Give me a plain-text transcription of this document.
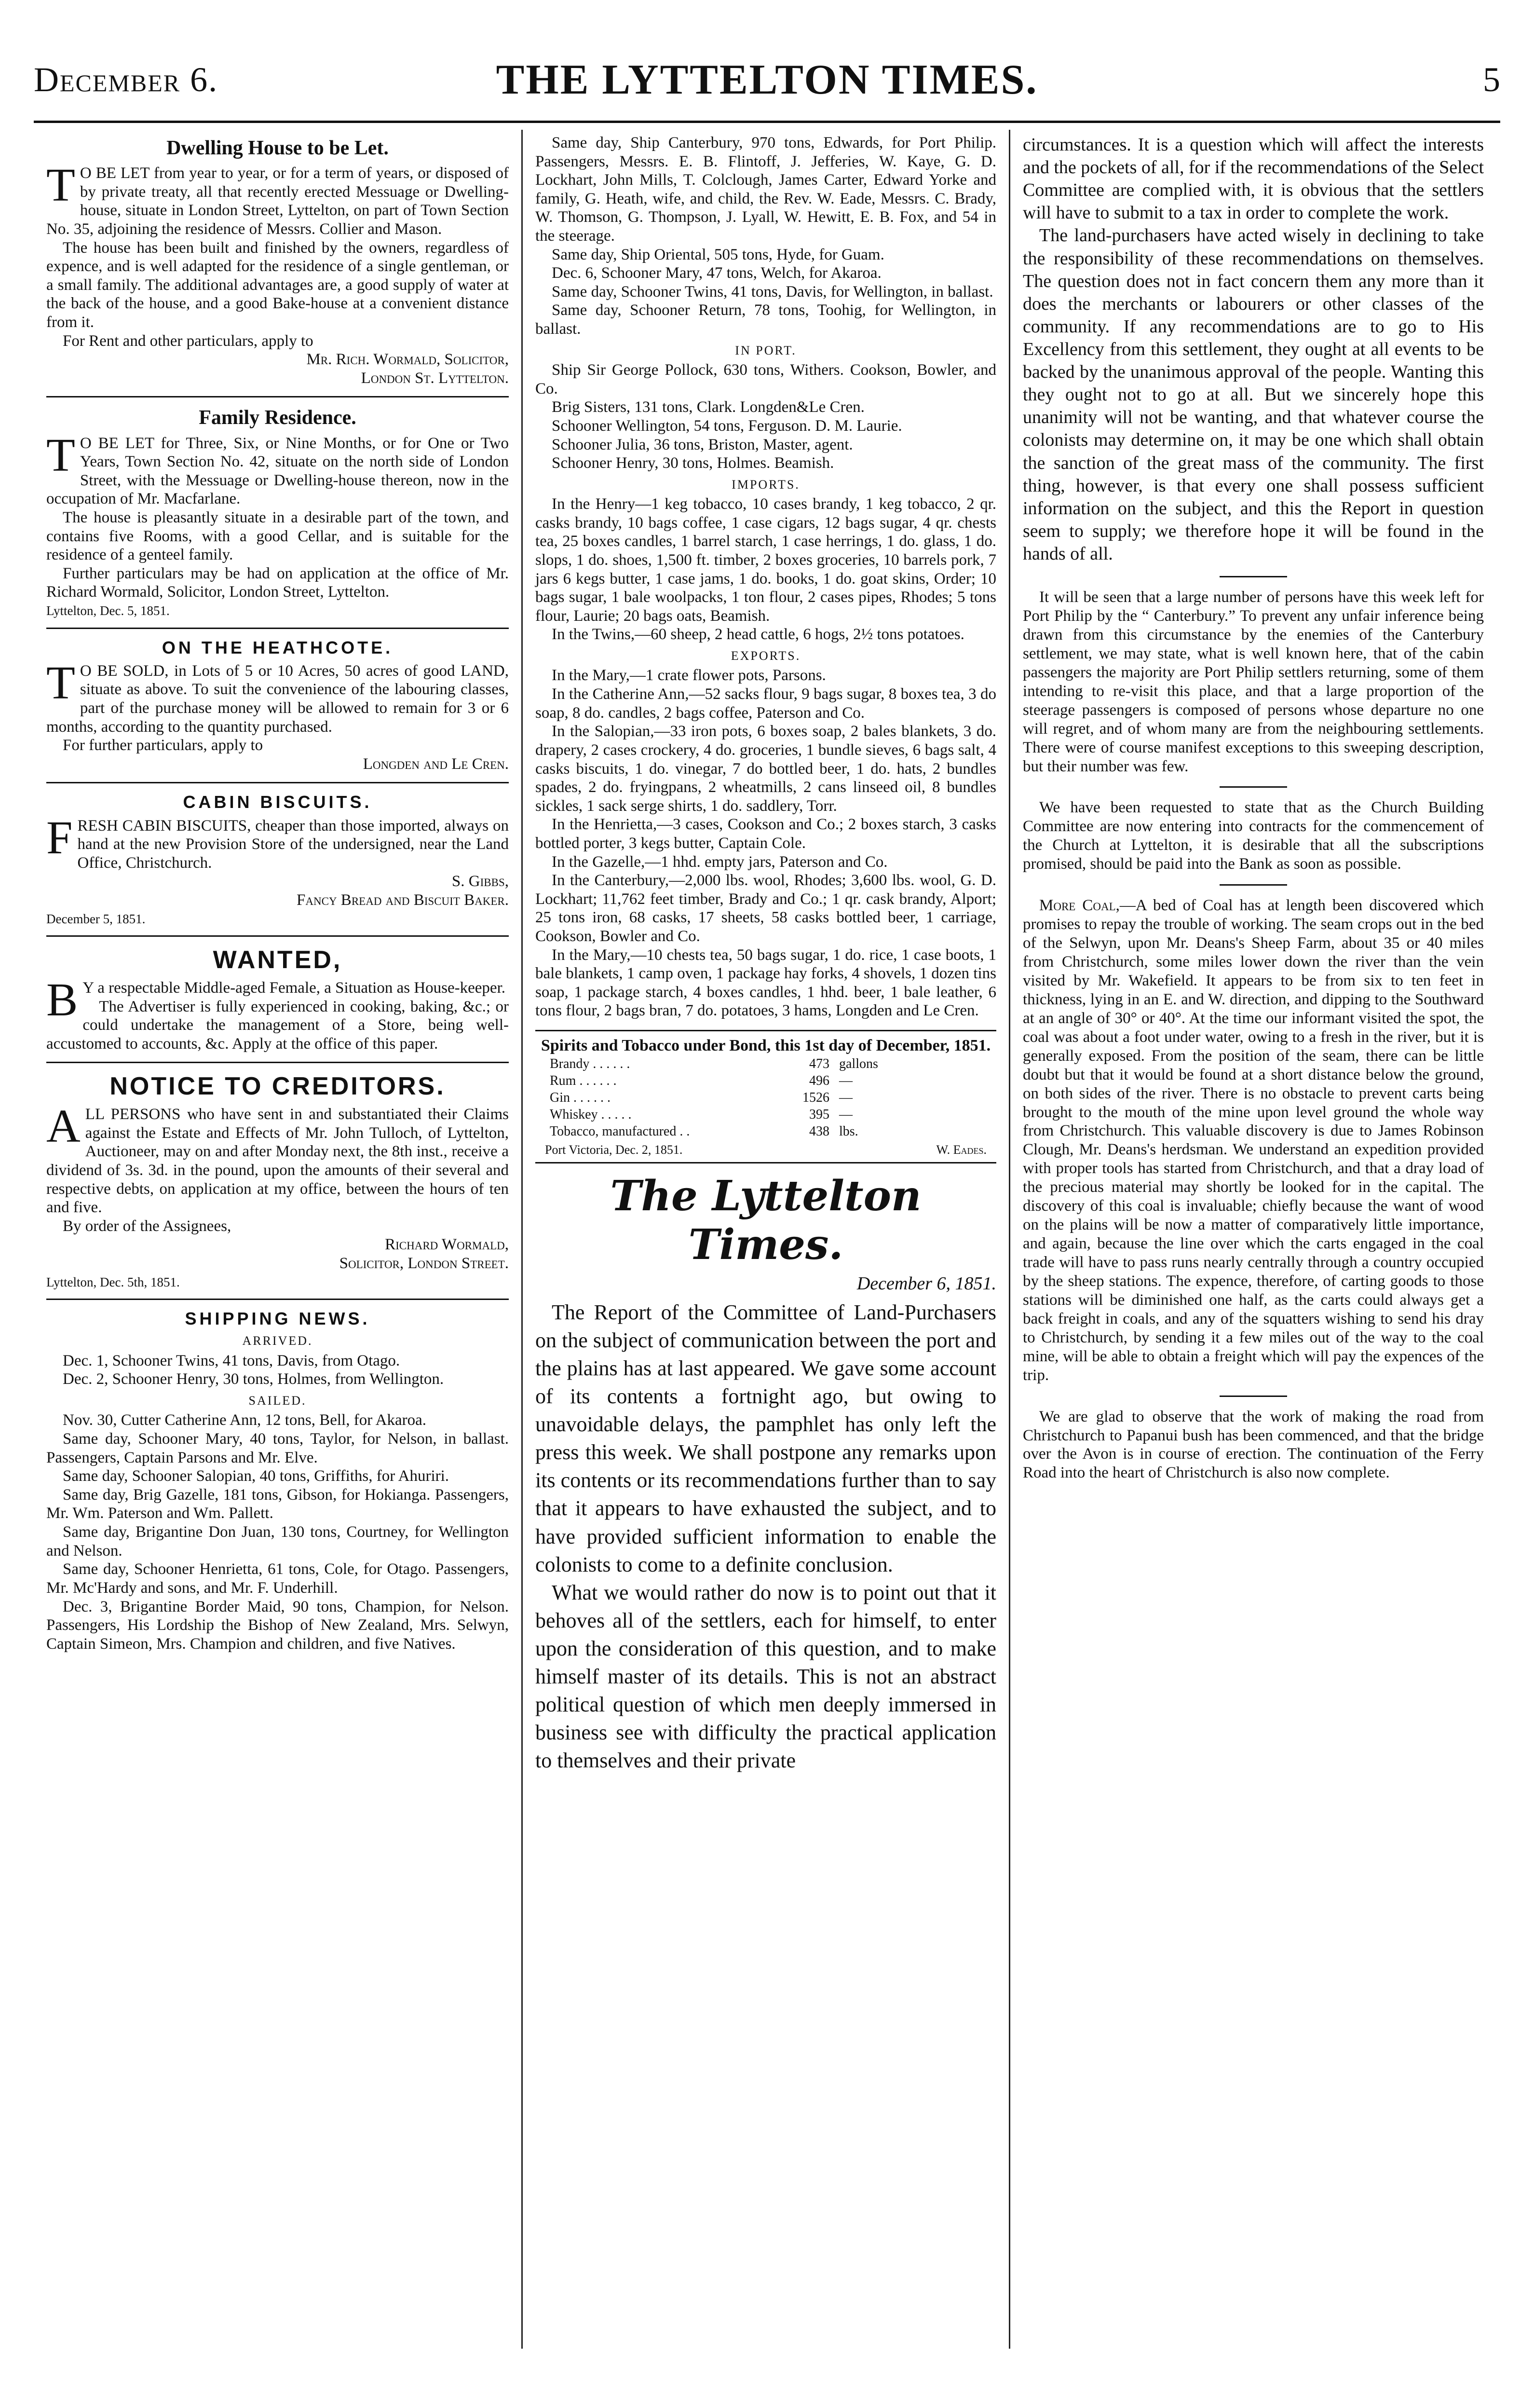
December 6.	THE LYTTELTON TIMES.	5
Dwelling House to be Let.

T O BE LET from year to year, or for a term of years, or disposed of by private treaty, all that recently erected Messuage or Dwelling-house, situate in London Street, Lyttelton, on part of Town Section No. 35, adjoining the residence of Messrs. Collier and Mason.

The house has been built and finished by the owners, regardless of expence, and is well adapted for the residence of a single gentleman, or a small family. The additional advantages are, a good supply of water at the back of the house, and a good Bake-house at a convenient distance from it.

For Rent and other particulars, apply to

Mr. Rich. Wormald, Solicitor,

London St. Lyttelton.

Family Residence.

T O BE LET for Three, Six, or Nine Months, or for One or Two Years, Town Section No. 42, situate on the north side of London Street, with the Messuage or Dwelling-house thereon, now in the occupation of Mr. Macfarlane.

The house is pleasantly situate in a desirable part of the town, and contains five Rooms, with a good Cellar, and is suitable for the residence of a genteel family.

Further particulars may be had on application at the office of Mr. Richard Wormald, Solicitor, London Street, Lyttelton.

Lyttelton, Dec. 5, 1851.

ON THE HEATHCOTE.

T O BE SOLD, in Lots of 5 or 10 Acres, 50 acres of good LAND, situate as above. To suit the convenience of the labouring classes, part of the purchase money will be allowed to remain for 3 or 6 months, according to the quantity purchased.

For further particulars, apply to

Longden and Le Cren.

CABIN BISCUITS.

FRESH CABIN BISCUITS, cheaper than those imported, always on hand at the new Provision Store of the undersigned, near the Land Office, Christchurch.

S. Gibbs,

Fancy Bread and Biscuit Baker.

December 5, 1851.

WANTED,

B Y a respectable Middle-aged Female, a Situation as House-keeper.

The Advertiser is fully experienced in cooking, baking, &c.; or could undertake the management of a Store, being well-accustomed to accounts, &c. Apply at the office of this paper.

NOTICE TO CREDITORS.

ALL PERSONS who have sent in and substantiated their Claims against the Estate and Effects of Mr. John Tulloch, of Lyttelton, Auctioneer, may on and after Monday next, the 8th inst., receive a dividend of 3s. 3d. in the pound, upon the amounts of their several and respective debts, on application at my office, between the hours of ten and five.

By order of the Assignees,

Richard Wormald,

Solicitor, London Street.

Lyttelton, Dec. 5th, 1851.

SHIPPING NEWS.
ARRIVED.

Dec. 1, Schooner Twins, 41 tons, Davis, from Otago.

Dec. 2, Schooner Henry, 30 tons, Holmes, from Wellington.

SAILED.

Nov. 30, Cutter Catherine Ann, 12 tons, Bell, for Akaroa.

Same day, Schooner Mary, 40 tons, Taylor, for Nelson, in ballast. Passengers, Captain Parsons and Mr. Elve.

Same day, Schooner Salopian, 40 tons, Griffiths, for Ahuriri.

Same day, Brig Gazelle, 181 tons, Gibson, for Hokianga. Passengers, Mr. Wm. Paterson and Wm. Pallett.

Same day, Brigantine Don Juan, 130 tons, Courtney, for Wellington and Nelson.

Same day, Schooner Henrietta, 61 tons, Cole, for Otago. Passengers, Mr. Mc'Hardy and sons, and Mr. F. Underhill.

Dec. 3, Brigantine Border Maid, 90 tons, Champion, for Nelson. Passengers, His Lordship the Bishop of New Zealand, Mrs. Selwyn, Captain Simeon, Mrs. Champion and children, and five Natives.

Same day, Ship Canterbury, 970 tons, Edwards, for Port Philip. Passengers, Messrs. E. B. Flintoff, J. Jefferies, W. Kaye, G. D. Lockhart, John Mills, T. Colclough, James Carter, Edward Yorke and family, G. Heath, wife, and child, the Rev. W. Eade, Messrs. C. Brady, W. Thomson, G. Thompson, J. Lyall, W. Hewitt, E. B. Fox, and 54 in the steerage.

Same day, Ship Oriental, 505 tons, Hyde, for Guam.

Dec. 6, Schooner Mary, 47 tons, Welch, for Akaroa.

Same day, Schooner Twins, 41 tons, Davis, for Wellington, in ballast.

Same day, Schooner Return, 78 tons, Toohig, for Wellington, in ballast.

IN PORT.

Ship Sir George Pollock, 630 tons, Withers. Cookson, Bowler, and Co.

Brig Sisters, 131 tons, Clark. Longden&Le Cren.

Schooner Wellington, 54 tons, Ferguson. D. M. Laurie.

Schooner Julia, 36 tons, Briston, Master, agent.

Schooner Henry, 30 tons, Holmes. Beamish.

IMPORTS.

In the Henry—1 keg tobacco, 10 cases brandy, 1 keg tobacco, 2 qr. casks brandy, 10 bags coffee, 1 case cigars, 12 bags sugar, 4 qr. chests tea, 25 boxes candles, 1 barrel starch, 1 case herrings, 1 do. glass, 1 do. slops, 1 do. shoes, 1,500 ft. timber, 2 boxes groceries, 10 barrels pork, 7 jars 6 kegs butter, 1 case jams, 1 do. books, 1 do. goat skins, Order; 10 bags sugar, 1 bale woolpacks, 1 ton flour, 2 cases pipes, Rhodes; 5 tons flour, Laurie; 20 bags oats, Beamish.

In the Twins,—60 sheep, 2 head cattle, 6 hogs, 2½ tons potatoes.

EXPORTS.

In the Mary,—1 crate flower pots, Parsons.

In the Catherine Ann,—52 sacks flour, 9 bags sugar, 8 boxes tea, 3 do soap, 8 do. candles, 2 bags coffee, Paterson and Co.

In the Salopian,—33 iron pots, 6 boxes soap, 2 bales blankets, 3 do. drapery, 2 cases crockery, 4 do. groceries, 1 bundle sieves, 6 bags salt, 4 casks biscuits, 1 do. vinegar, 7 do bottled beer, 1 do. hats, 2 bundles spades, 2 do. fryingpans, 2 wheatmills, 2 cans linseed oil, 8 bundles sickles, 1 sack serge shirts, 1 do. saddlery, Torr.

In the Henrietta,—3 cases, Cookson and Co.; 2 boxes starch, 3 casks bottled porter, 3 kegs butter, Captain Cole.

In the Gazelle,—1 hhd. empty jars, Paterson and Co.

In the Canterbury,—2,000 lbs. wool, Rhodes; 3,600 lbs. wool, G. D. Lockhart; 11,762 feet timber, Brady and Co.; 1 qr. cask brandy, Alport; 25 tons iron, 68 casks, 17 sheets, 58 casks bottled beer, 1 carriage, Cookson, Bowler and Co.

In the Mary,—10 chests tea, 50 bags sugar, 1 do. rice, 1 case boots, 1 bale blankets, 1 camp oven, 1 package hay forks, 4 shovels, 1 dozen tins soap, 1 package starch, 4 boxes candles, 1 hhd. beer, 1 bale leather, 6 tons flour, 2 bags bran, 7 do. potatoes, 3 hams, Longden and Le Cren.

Spirits and Tobacco under Bond, this 1st day of December, 1851.
Brandy . . . . . .	473 gallons
Rum . . . . . .	496 —
Gin . . . . . .	1526 —
Whiskey . . . . .	395 —
Tobacco, manufactured . .	438 lbs.
Port Victoria, Dec. 2, 1851.	W. Eades.
The Lyttelton Times.
December 6, 1851.

The Report of the Committee of Land-Purchasers on the subject of communication between the port and the plains has at last appeared. We gave some account of its contents a fortnight ago, but owing to unavoidable delays, the pamphlet has only left the press this week. We shall postpone any remarks upon its contents or its recommendations further than to say that it appears to have exhausted the subject, and to have provided sufficient information to enable the colonists to come to a definite conclusion.

What we would rather do now is to point out that it behoves all of the settlers, each for himself, to enter upon the consideration of this question, and to make himself master of its details. This is not an abstract political question of which men deeply immersed in business see with difficulty the practical application to themselves and their private

circumstances. It is a question which will affect the interests and the pockets of all, for if the recommendations of the Select Committee are complied with, it is obvious that the settlers will have to submit to a tax in order to complete the work.

The land-purchasers have acted wisely in declining to take the responsibility of these recommendations on themselves. The question does not in fact concern them any more than it does the merchants or labourers or other classes of the community. If any recommendations are to go to His Excellency from this settlement, they ought at all events to be backed by the unanimous approval of the people. Wanting this they ought not to go at all. But we sincerely hope this unanimity will not be wanting, and that whatever course the colonists may determine on, it may be one which shall obtain the sanction of the great mass of the community. The first thing, however, is that every one shall possess sufficient information on the subject, and this the Report in question seem to supply; we therefore hope it will be found in the hands of all.

It will be seen that a large number of persons have this week left for Port Philip by the “ Canterbury.” To prevent any unfair inference being drawn from this circumstance by the enemies of the Canterbury settlement, we may state, what is well known here, that of the cabin passengers the majority are Port Philip settlers returning, some of them intending to re-visit this place, and that a large proportion of the steerage passengers is composed of persons whose departure no one will regret, and of whom many are from the neighbouring settlements. There were of course manifest exceptions to this sweeping description, but their number was few.

We have been requested to state that as the Church Building Committee are now entering into contracts for the commencement of the Church at Lyttelton, it is desirable that all the subscriptions promised, should be paid into the Bank as soon as possible.

More Coal,—A bed of Coal has at length been discovered which promises to repay the trouble of working. The seam crops out in the bed of the Selwyn, upon Mr. Deans's Sheep Farm, about 35 or 40 miles from Christchurch, some miles lower down the river than the vein visited by Mr. Wakefield. It appears to be from six to ten feet in thickness, lying in an E. and W. direction, and dipping to the Southward at an angle of 30° or 40°. At the time our informant visited the spot, the coal was about a foot under water, owing to a fresh in the river, but it is generally exposed. From the position of the seam, there can be little doubt but that it would be found at a short distance below the ground, on both sides of the river. There is no obstacle to prevent carts being brought to the mouth of the mine upon level ground the whole way from Christchurch. This valuable discovery is due to James Robinson Clough, Mr. Deans's herdsman. We understand an expedition provided with proper tools has started from Christchurch, and that a dray load of the precious material may shortly be looked for in the capital. The discovery of this coal is invaluable; chiefly because the want of wood on the plains will be now a matter of comparatively little importance, and again, because the line over which the carts engaged in the coal trade will have to pass runs nearly centrally through a country occupied by the sheep stations. The expence, therefore, of carting goods to those stations will be diminished one half, as the carts could always get a back freight in coals, and any of the squatters wishing to send his dray to Christchurch, by sending it a few miles out of the way to the coal mine, will be able to obtain a freight which will pay the expences of the trip.

We are glad to observe that the work of making the road from Christchurch to Papanui bush has been commenced, and that the bridge over the Avon is in course of erection. The continuation of the Ferry Road into the heart of Christchurch is also now complete.
